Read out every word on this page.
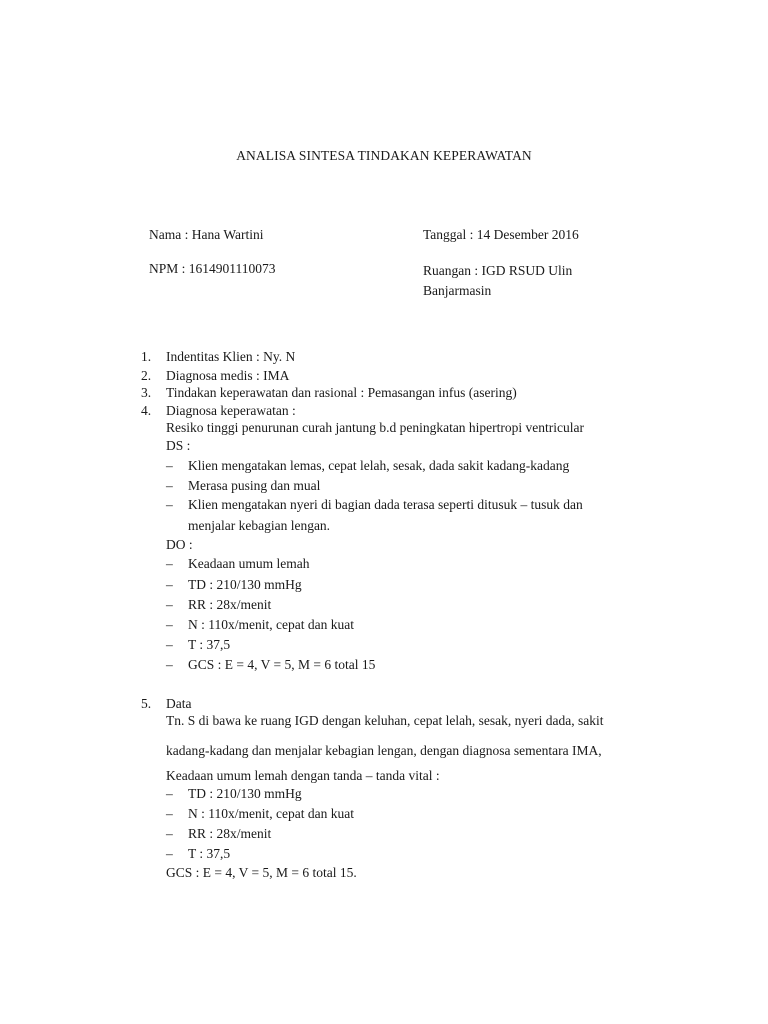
ANALISA SINTESA TINDAKAN KEPERAWATAN
Nama : Hana Wartini	Tanggal : 14 Desember 2016
NPM : 1614901110073	Ruangan : IGD RSUD Ulin
Banjarmasin
1. Indentitas Klien : Ny. N
2. Diagnosa medis : IMA
3. Tindakan keperawatan dan rasional : Pemasangan infus (asering)
4. Diagnosa keperawatan :
Resiko tinggi penurunan curah jantung b.d peningkatan hipertropi ventricular
DS :
– Klien mengatakan lemas, cepat lelah, sesak, dada sakit kadang-kadang
– Merasa pusing dan mual
– Klien mengatakan nyeri di bagian dada terasa seperti ditusuk – tusuk dan
menjalar kebagian lengan.
DO :
– Keadaan umum lemah
– TD : 210/130 mmHg
– RR : 28x/menit
– N : 110x/menit, cepat dan kuat
– T : 37,5
– GCS : E = 4, V = 5, M = 6 total 15
5. Data
Tn. S di bawa ke ruang IGD dengan keluhan, cepat lelah, sesak, nyeri dada, sakit
kadang-kadang dan menjalar kebagian lengan, dengan diagnosa sementara IMA,
Keadaan umum lemah dengan tanda – tanda vital :
– TD : 210/130 mmHg
– N : 110x/menit, cepat dan kuat
– RR : 28x/menit
– T : 37,5
GCS : E = 4, V = 5, M = 6 total 15.
